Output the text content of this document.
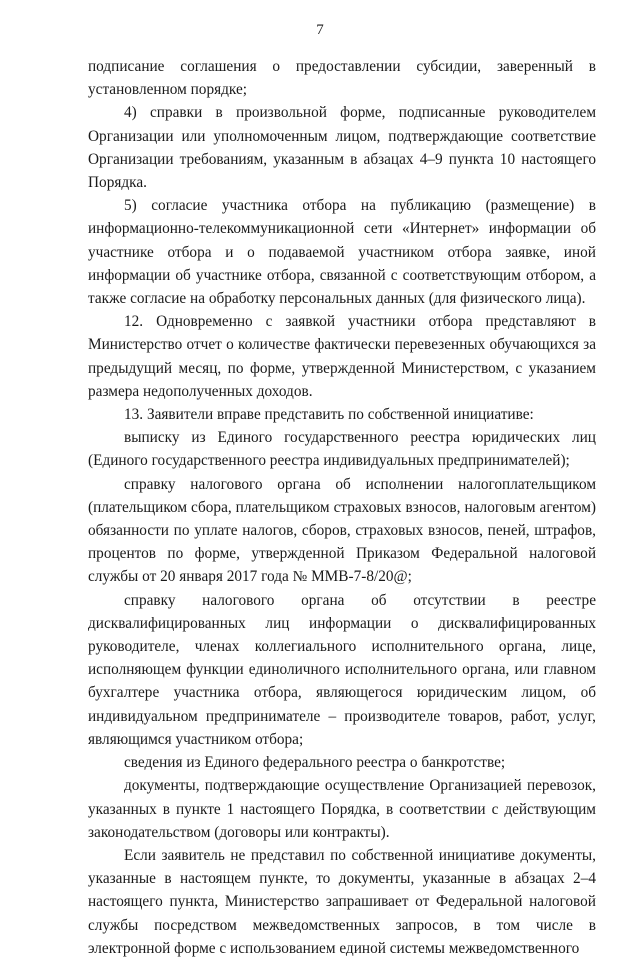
7

подписание соглашения о предоставлении субсидии, заверенный в установленном порядке;

4) справки в произвольной форме, подписанные руководителем Организации или уполномоченным лицом, подтверждающие соответствие Организации требованиям, указанным в абзацах 4–9 пункта 10 настоящего Порядка.

5) согласие участника отбора на публикацию (размещение) в информационно-телекоммуникационной сети «Интернет» информации об участнике отбора и о подаваемой участником отбора заявке, иной информации об участнике отбора, связанной с соответствующим отбором, а также согласие на обработку персональных данных (для физического лица).

12. Одновременно с заявкой участники отбора представляют в Министерство отчет о количестве фактически перевезенных обучающихся за предыдущий месяц, по форме, утвержденной Министерством, с указанием размера недополученных доходов.

13. Заявители вправе представить по собственной инициативе:

выписку из Единого государственного реестра юридических лиц (Единого государственного реестра индивидуальных предпринимателей);

справку налогового органа об исполнении налогоплательщиком (плательщиком сбора, плательщиком страховых взносов, налоговым агентом) обязанности по уплате налогов, сборов, страховых взносов, пеней, штрафов, процентов по форме, утвержденной Приказом Федеральной налоговой службы от 20 января 2017 года № ММВ-7-8/20@;

справку налогового органа об отсутствии в реестре дисквалифицированных лиц информации о дисквалифицированных руководителе, членах коллегиального исполнительного органа, лице, исполняющем функции единоличного исполнительного органа, или главном бухгалтере участника отбора, являющегося юридическим лицом, об индивидуальном предпринимателе – производителе товаров, работ, услуг, являющимся участником отбора;

сведения из Единого федерального реестра о банкротстве;

документы, подтверждающие осуществление Организацией перевозок, указанных в пункте 1 настоящего Порядка, в соответствии с действующим законодательством (договоры или контракты).

Если заявитель не представил по собственной инициативе документы, указанные в настоящем пункте, то документы, указанные в абзацах 2–4 настоящего пункта, Министерство запрашивает от Федеральной налоговой службы посредством межведомственных запросов, в том числе в электронной форме с использованием единой системы межведомственного
